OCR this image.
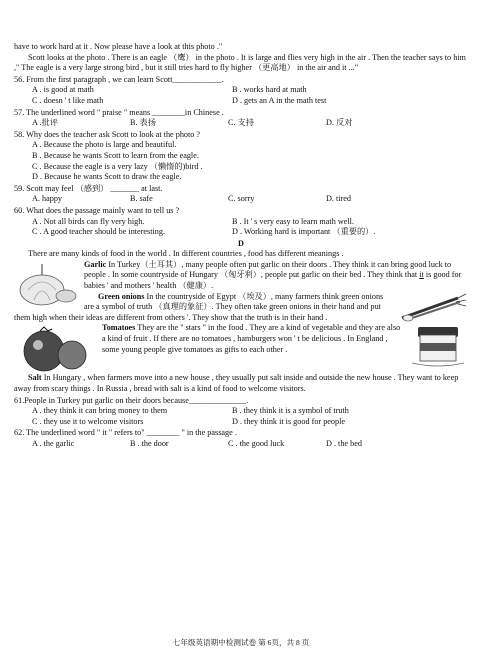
have to work hard at it . Now please have a look at this photo ."

Scott looks at the photo . There is an eagle （鹰） in the photo . It is large and flies very high in the air . Then the teacher says to him ," The eagle is a very large strong bird , but it still tries hard to fly higher （更高地） in the air and it ..."

56. From the first paragraph , we can learn Scott____________.

A . is good at math	B . works hard at math
C . doesn ' t like math	D . gets an A in the math test

57. The underlined word " praise " means ________in Chinese .

A .批评	B. 表扬	C. 支持	D. 反对

58. Why does the teacher ask Scott to look at the photo ?

A . Because the photo is large and beautiful.

B . Because he wants Scott to learn from the eagle.

C . Because the eagle is a very lazy （懒惰的)bird .

D . Because he wants Scott to draw the eagle.

59. Scott may feel （感到） _______ at last.

A. happy	B. safe	C. sorry	D. tired

60. What does the passage mainly want to tell us ?

A . Not all birds can fly very high.	B . It ' s very easy to learn math well.
C . A good teacher should be interesting.	D . Working hard is important （重要的）.

D

There are many kinds of food in the world . In different countries , food has different meanings .

Garlic In Turkey（土耳其）, many people often put garlic on their doors . They think it can bring good luck to people . In some countryside of Hungary （匈牙利）, people put garlic on their bed . They think that it is good for babies ' and mothers ' health （健康）.

Green onions In the countryside of Egypt （埃及）, many farmers think green onions are a symbol of truth （真理的象征）. They often take green onions in their hand and put them high when their ideas are different from others '. They show that the truth is in their hand .

Tomatoes They are the " stars " in the food . They are a kind of vegetable and they are also a kind of fruit . If there are no tomatoes , hamburgers won ' t be delicious . In England , some young people give tomatoes as gifts to each other .

Salt In Hungary , when farmers move into a new house , they usually put salt inside and outside the new house . They want to keep away from scary things . In Russia , bread with salt is a kind of food to welcome visitors.

61.People in Turkey put garlic on their doors because______________.

A . they think it can bring money to them	B . they think it is a symbol of truth
C . they use it to welcome visitors	D . they think it is good for people

62. The underlined word " it " refers to" ________ " in the passage .

A . the garlic	B . the door	C . the good luck	D . the bed
七年级英语期中检测试卷 第 6页，共 8 页
